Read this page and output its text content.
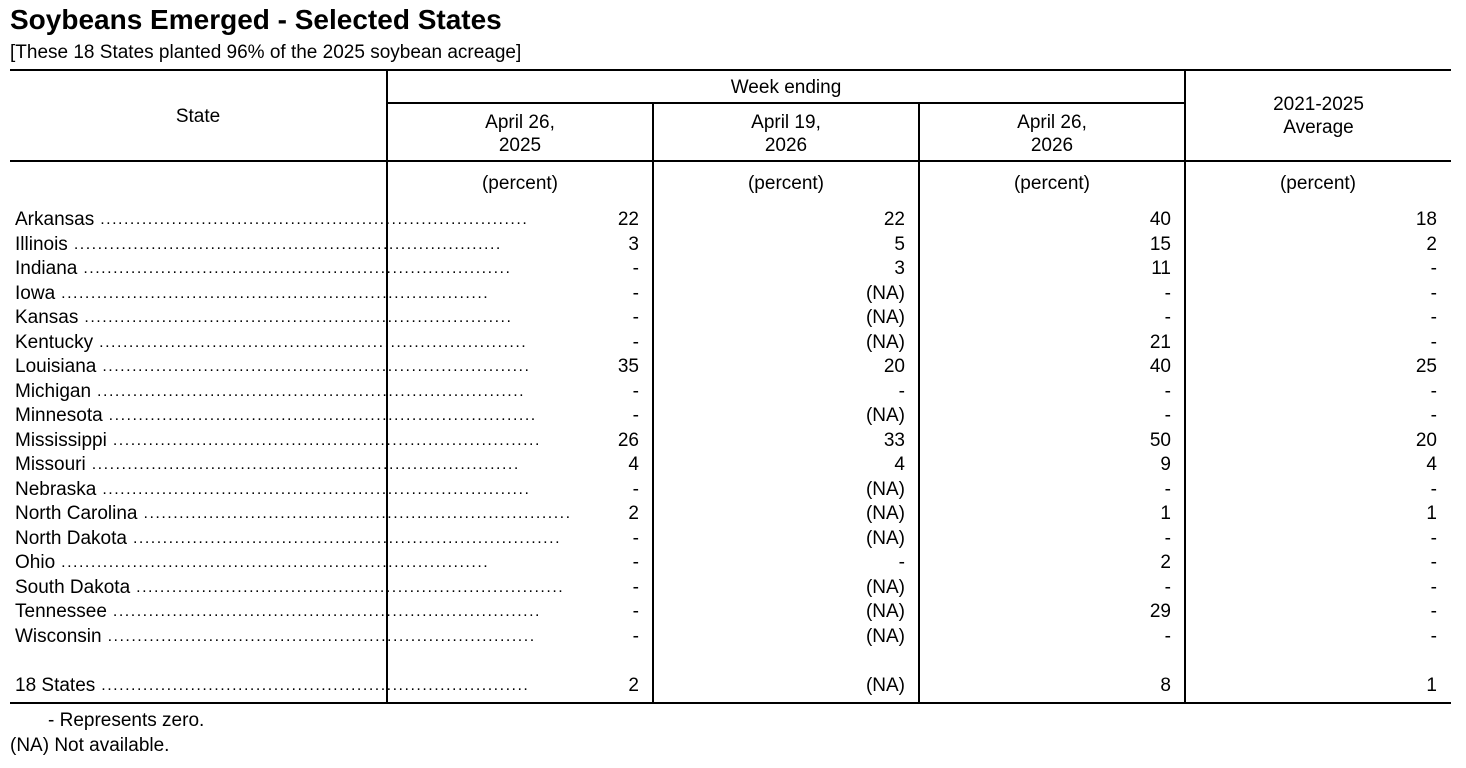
Soybeans Emerged - Selected States
[These 18 States planted 96% of the 2025 soybean acreage]
State
Week ending
April 26,
2025
April 19,
2026
April 26,
2026
2021-2025
Average
(percent)	(percent)	(percent)	(percent)
Arkansas ........................................................................	22	22	40	18
Illinois ........................................................................	3	5	15	2
Indiana ........................................................................	-	3	11	-
Iowa ........................................................................	-	(NA)	-	-
Kansas ........................................................................	-	(NA)	-	-
Kentucky ........................................................................	-	(NA)	21	-
Louisiana ........................................................................	35	20	40	25
Michigan ........................................................................	-	-	-	-
Minnesota ........................................................................	-	(NA)	-	-
Mississippi ........................................................................	26	33	50	20
Missouri ........................................................................	4	4	9	4
Nebraska ........................................................................	-	(NA)	-	-
North Carolina ........................................................................	2	(NA)	1	1
North Dakota ........................................................................	-	(NA)	-	-
Ohio ........................................................................	-	-	2	-
South Dakota ........................................................................	-	(NA)	-	-
Tennessee ........................................................................	-	(NA)	29	-
Wisconsin ........................................................................	-	(NA)	-	-
18 States ........................................................................	2	(NA)	8	1
- Represents zero.
(NA) Not available.
